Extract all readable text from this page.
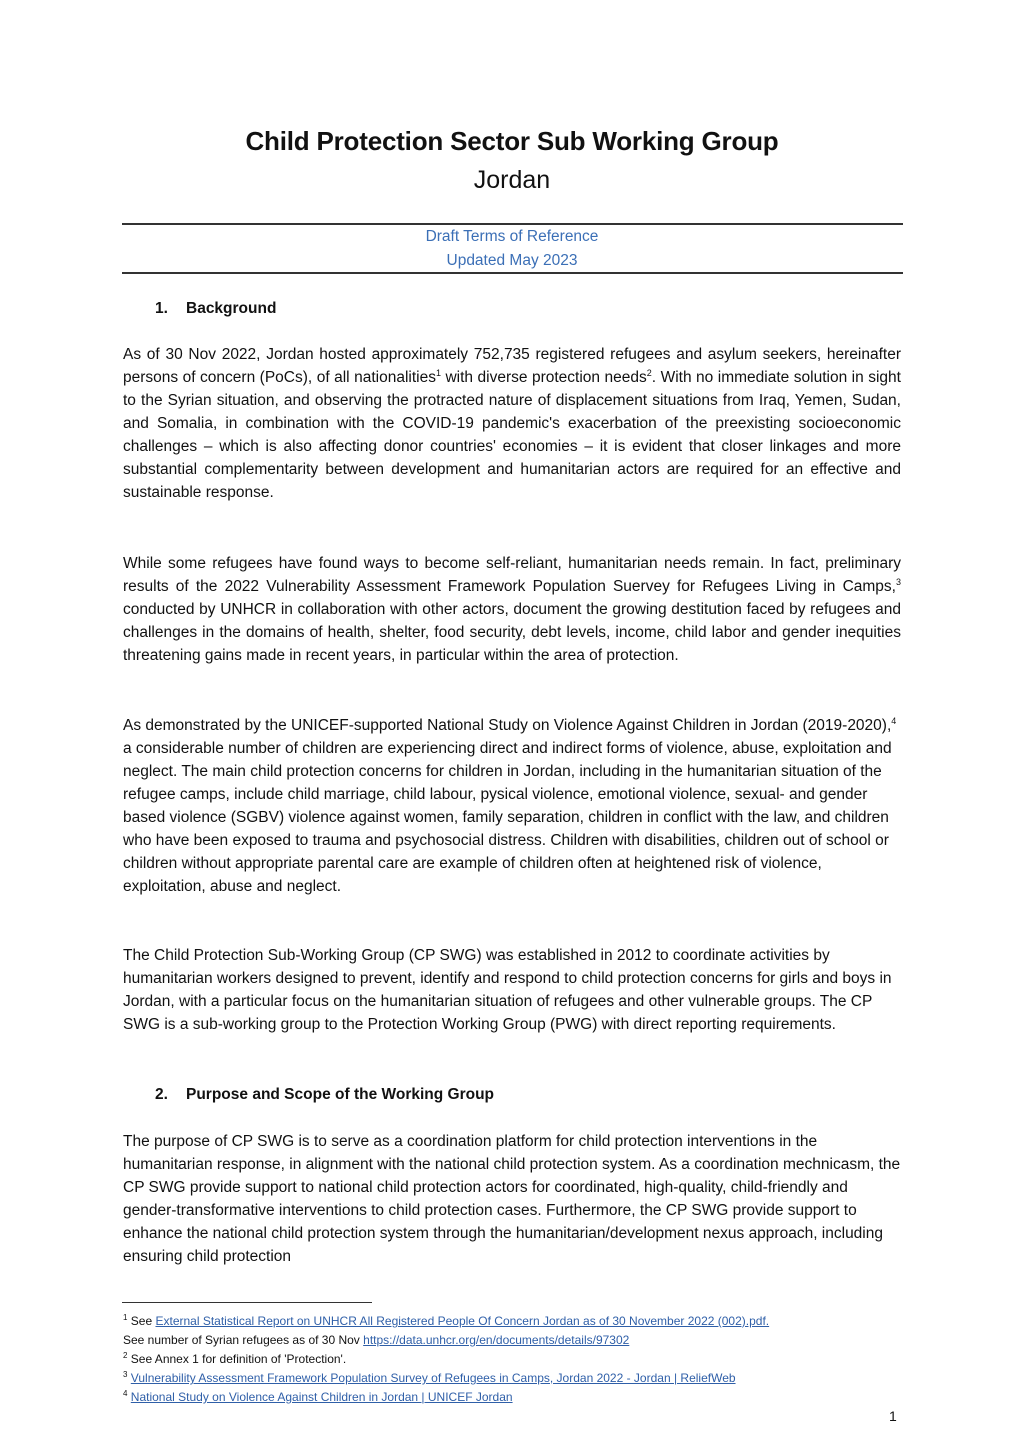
Child Protection Sector Sub Working Group
Jordan
Draft Terms of Reference
Updated May 2023
1. Background

As of 30 Nov 2022, Jordan hosted approximately 752,735 registered refugees and asylum seekers, hereinafter persons of concern (PoCs), of all nationalities$^1$ with diverse protection needs$^2$. With no immediate solution in sight to the Syrian situation, and observing the protracted nature of displacement situations from Iraq, Yemen, Sudan, and Somalia, in combination with the COVID-19 pandemic's exacerbation of the preexisting socioeconomic challenges – which is also affecting donor countries' economies – it is evident that closer linkages and more substantial complementarity between development and humanitarian actors are required for an effective and sustainable response.

While some refugees have found ways to become self-reliant, humanitarian needs remain. In fact, preliminary results of the 2022 Vulnerability Assessment Framework Population Suervey for Refugees Living in Camps,$^3$ conducted by UNHCR in collaboration with other actors, document the growing destitution faced by refugees and challenges in the domains of health, shelter, food security, debt levels, income, child labor and gender inequities threatening gains made in recent years, in particular within the area of protection.

As demonstrated by the UNICEF-supported National Study on Violence Against Children in Jordan (2019-2020),$^4$ a considerable number of children are experiencing direct and indirect forms of violence, abuse, exploitation and neglect. The main child protection concerns for children in Jordan, including in the humanitarian situation of the refugee camps, include child marriage, child labour, pysical violence, emotional violence, sexual- and gender based violence (SGBV) violence against women, family separation, children in conflict with the law, and children who have been exposed to trauma and psychosocial distress. Children with disabilities, children out of school or children without appropriate parental care are example of children often at heightened risk of violence, exploitation, abuse and neglect.

The Child Protection Sub-Working Group (CP SWG) was established in 2012 to coordinate activities by humanitarian workers designed to prevent, identify and respond to child protection concerns for girls and boys in Jordan, with a particular focus on the humanitarian situation of refugees and other vulnerable groups. The CP SWG is a sub-working group to the Protection Working Group (PWG) with direct reporting requirements.

2. Purpose and Scope of the Working Group

The purpose of CP SWG is to serve as a coordination platform for child protection interventions in the humanitarian response, in alignment with the national child protection system. As a coordination mechnicasm, the CP SWG provide support to national child protection actors for coordinated, high-quality, child-friendly and gender-transformative interventions to child protection cases. Furthermore, the CP SWG provide support to enhance the national child protection system through the humanitarian/development nexus approach, including ensuring child protection

$^1$ See External Statistical Report on UNHCR All Registered People Of Concern Jordan as of 30 November 2022 (002).pdf.
See number of Syrian refugees as of 30 Nov https://data.unhcr.org/en/documents/details/97302
$^2$ See Annex 1 for definition of 'Protection'.
$^3$ Vulnerability Assessment Framework Population Survey of Refugees in Camps, Jordan 2022 - Jordan | ReliefWeb
$^4$ National Study on Violence Against Children in Jordan | UNICEF Jordan
1
